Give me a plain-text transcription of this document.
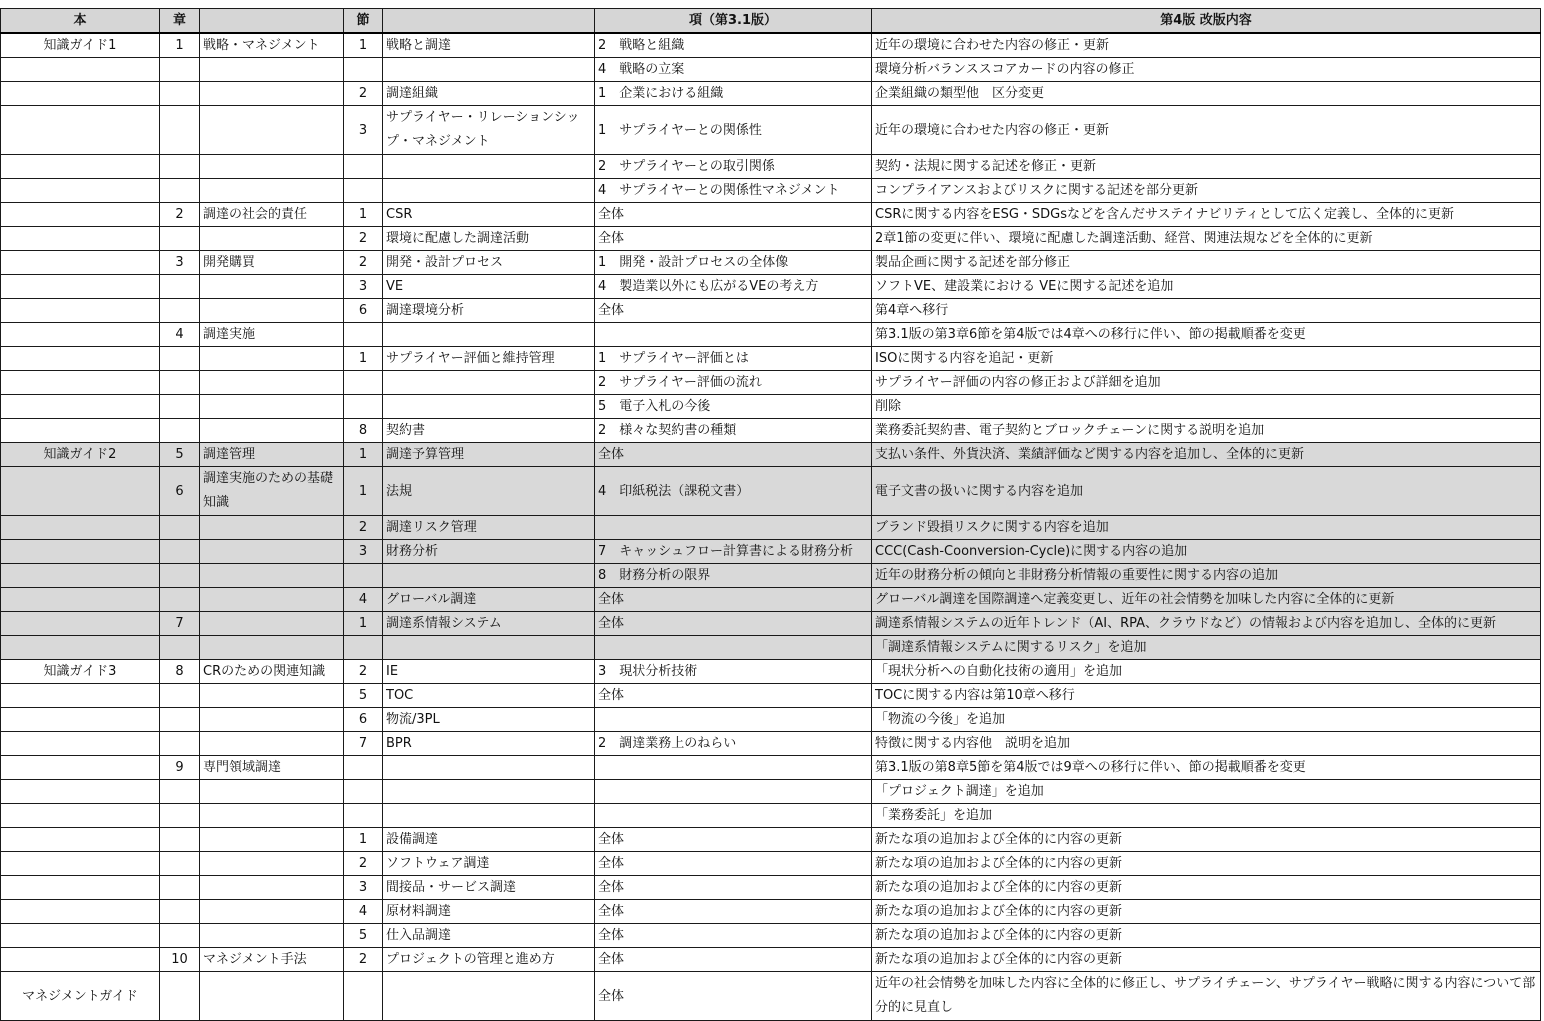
本	章		節		項（第3.1版）	第4版 改版内容
知識ガイド1	1	戦略・マネジメント	1	戦略と調達	2　戦略と組織	近年の環境に合わせた内容の修正・更新
					4　戦略の立案	環境分析バランススコアカードの内容の修正
			2	調達組織	1　企業における組織	企業組織の類型他　区分変更
			3	サプライヤー・リレーションシップ・マネジメント	1　サプライヤーとの関係性	近年の環境に合わせた内容の修正・更新
					2　サプライヤーとの取引関係	契約・法規に関する記述を修正・更新
					4　サプライヤーとの関係性マネジメント	コンプライアンスおよびリスクに関する記述を部分更新
	2	調達の社会的責任	1	CSR	全体	CSRに関する内容をESG・SDGsなどを含んだサステイナビリティとして広く定義し、全体的に更新
			2	環境に配慮した調達活動	全体	2章1節の変更に伴い、環境に配慮した調達活動、経営、関連法規などを全体的に更新
	3	開発購買	2	開発・設計プロセス	1　開発・設計プロセスの全体像	製品企画に関する記述を部分修正
			3	VE	4　製造業以外にも広がるVEの考え方	ソフトVE、建設業における VEに関する記述を追加
			6	調達環境分析	全体	第4章へ移行
	4	調達実施				第3.1版の第3章6節を第4版では4章への移行に伴い、節の掲載順番を変更
			1	サプライヤー評価と維持管理	1　サプライヤー評価とは	ISOに関する内容を追記・更新
					2　サプライヤー評価の流れ	サプライヤー評価の内容の修正および詳細を追加
					5　電子入札の今後	削除
			8	契約書	2　様々な契約書の種類	業務委託契約書、電子契約とブロックチェーンに関する説明を追加
知識ガイド2	5	調達管理	1	調達予算管理	全体	支払い条件、外貨決済、業績評価など関する内容を追加し、全体的に更新
	6	調達実施のための基礎知識	1	法規	4　印紙税法（課税文書）	電子文書の扱いに関する内容を追加
			2	調達リスク管理		ブランド毀損リスクに関する内容を追加
			3	財務分析	7　キャッシュフロー計算書による財務分析	CCC(Cash-Coonversion-Cycle)に関する内容の追加
					8　財務分析の限界	近年の財務分析の傾向と非財務分析情報の重要性に関する内容の追加
			4	グローバル調達	全体	グローバル調達を国際調達へ定義変更し、近年の社会情勢を加味した内容に全体的に更新
	7		1	調達系情報システム	全体	調達系情報システムの近年トレンド（AI、RPA、クラウドなど）の情報および内容を追加し、全体的に更新
						「調達系情報システムに関するリスク」を追加
知識ガイド3	8	CRのための関連知識	2	IE	3　現状分析技術	「現状分析への自動化技術の適用」を追加
			5	TOC	全体	TOCに関する内容は第10章へ移行
			6	物流/3PL		「物流の今後」を追加
			7	BPR	2　調達業務上のねらい	特徴に関する内容他　説明を追加
	9	専門領域調達				第3.1版の第8章5節を第4版では9章への移行に伴い、節の掲載順番を変更
						「プロジェクト調達」を追加
						「業務委託」を追加
			1	設備調達	全体	新たな項の追加および全体的に内容の更新
			2	ソフトウェア調達	全体	新たな項の追加および全体的に内容の更新
			3	間接品・サービス調達	全体	新たな項の追加および全体的に内容の更新
			4	原材料調達	全体	新たな項の追加および全体的に内容の更新
			5	仕入品調達	全体	新たな項の追加および全体的に内容の更新
	10	マネジメント手法	2	プロジェクトの管理と進め方	全体	新たな項の追加および全体的に内容の更新
マネジメントガイド					全体	近年の社会情勢を加味した内容に全体的に修正し、サプライチェーン、サプライヤー戦略に関する内容について部分的に見直し
